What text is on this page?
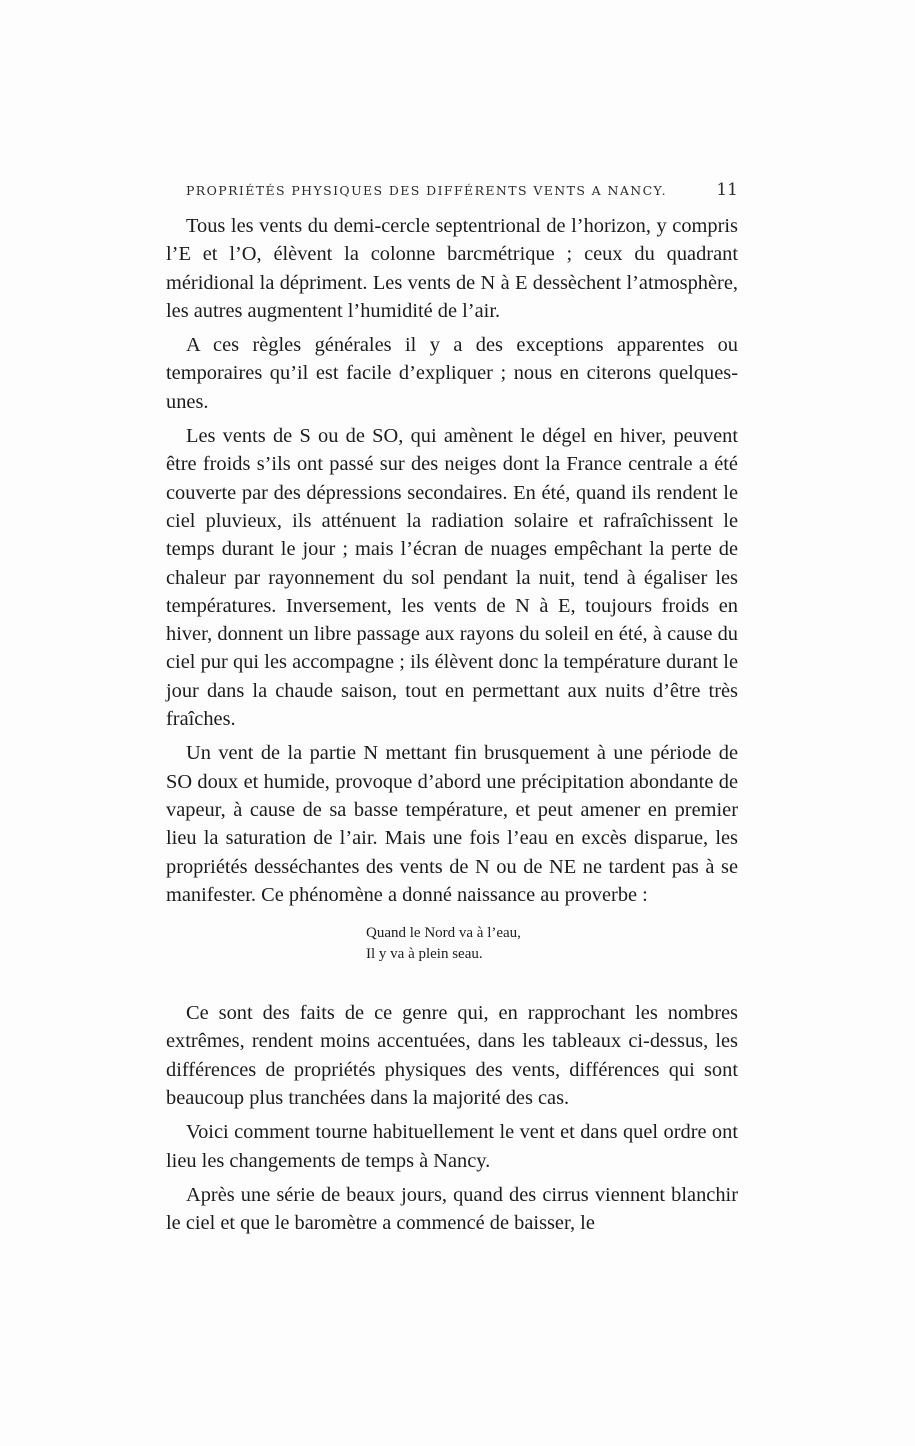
PROPRIÉTÉS PHYSIQUES DES DIFFÉRENTS VENTS A NANCY.	11

Tous les vents du demi-cercle septentrional de l’horizon, y compris l’E et l’O, élèvent la colonne barcmétrique ; ceux du quadrant méridional la dépriment. Les vents de N à E dessèchent l’atmosphère, les autres augmentent l’humidité de l’air.

A ces règles générales il y a des exceptions apparentes ou temporaires qu’il est facile d’expliquer ; nous en citerons quelques-unes.

Les vents de S ou de SO, qui amènent le dégel en hiver, peuvent être froids s’ils ont passé sur des neiges dont la France centrale a été couverte par des dépressions secondaires. En été, quand ils rendent le ciel pluvieux, ils atténuent la radiation solaire et rafraîchissent le temps durant le jour ; mais l’écran de nuages empêchant la perte de chaleur par rayonnement du sol pendant la nuit, tend à égaliser les températures. Inversement, les vents de N à E, toujours froids en hiver, donnent un libre passage aux rayons du soleil en été, à cause du ciel pur qui les accompagne ; ils élèvent donc la température durant le jour dans la chaude saison, tout en permettant aux nuits d’être très fraîches.

Un vent de la partie N mettant fin brusquement à une période de SO doux et humide, provoque d’abord une précipitation abondante de vapeur, à cause de sa basse température, et peut amener en premier lieu la saturation de l’air. Mais une fois l’eau en excès disparue, les propriétés desséchantes des vents de N ou de NE ne tardent pas à se manifester. Ce phénomène a donné naissance au proverbe :

Quand le Nord va à l’eau,
Il y va à plein seau.

Ce sont des faits de ce genre qui, en rapprochant les nombres extrêmes, rendent moins accentuées, dans les tableaux ci-dessus, les différences de propriétés physiques des vents, différences qui sont beaucoup plus tranchées dans la majorité des cas.

Voici comment tourne habituellement le vent et dans quel ordre ont lieu les changements de temps à Nancy.

Après une série de beaux jours, quand des cirrus viennent blanchir le ciel et que le baromètre a commencé de baisser, le
